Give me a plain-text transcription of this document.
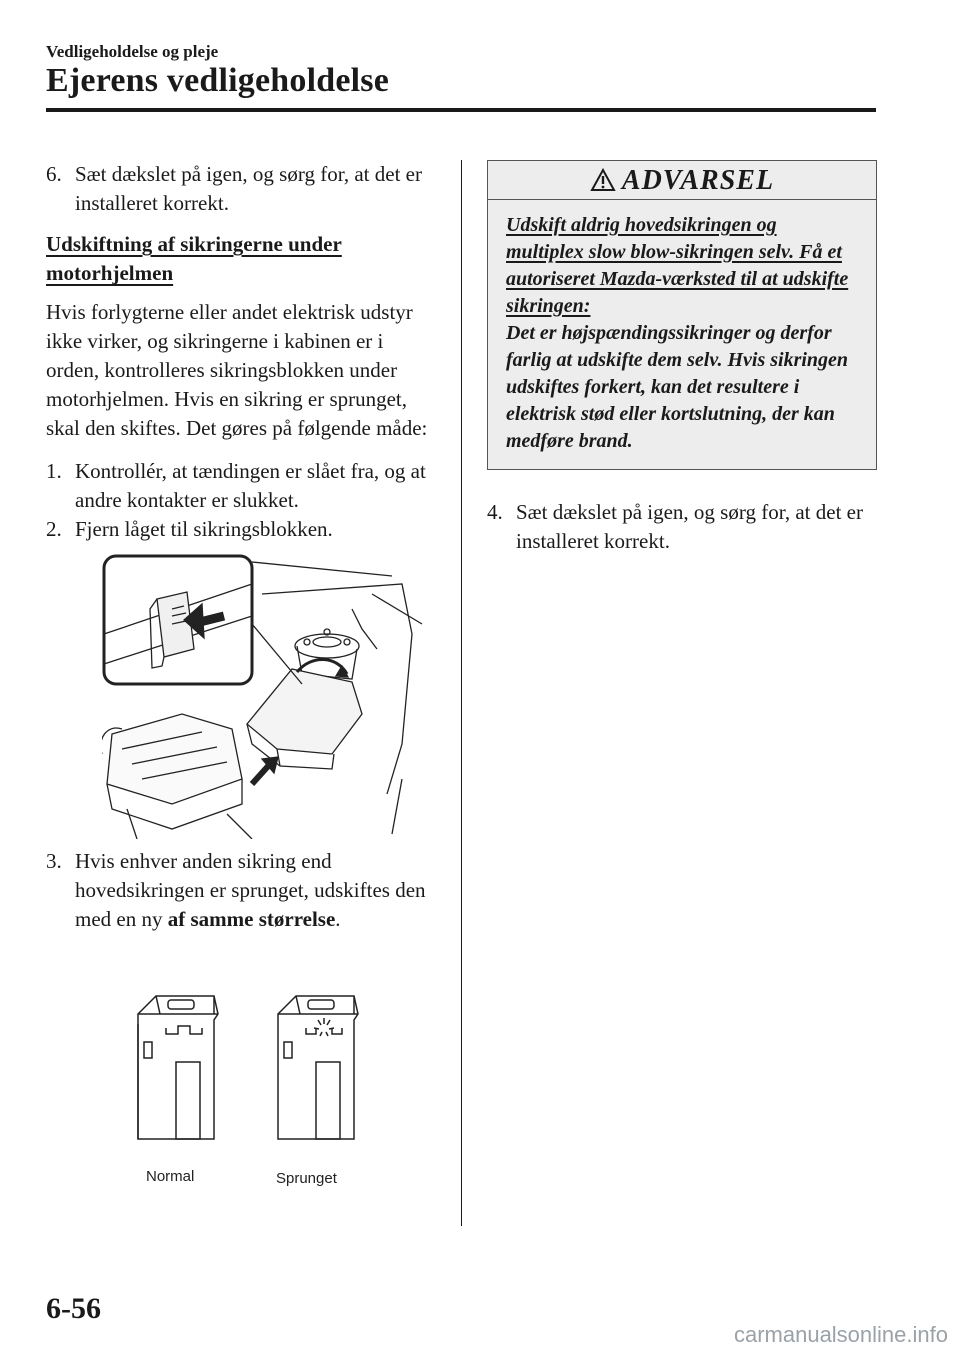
Vedligeholdelse og pleje
Ejerens vedligeholdelse
6. Sæt dækslet på igen, og sørg for, at det er installeret korrekt.
Udskiftning af sikringerne under motorhjelmen
Hvis forlygterne eller andet elektrisk udstyr ikke virker, og sikringerne i kabinen er i orden, kontrolleres sikringsblokken under motorhjelmen. Hvis en sikring er sprunget, skal den skiftes. Det gøres på følgende måde:
1. Kontrollér, at tændingen er slået fra, og at andre kontakter er slukket.
2. Fjern låget til sikringsblokken.
3. Hvis enhver anden sikring end hovedsikringen er sprunget, udskiftes den med en ny af samme størrelse.
Normal	Sprunget
ADVARSEL
Udskift aldrig hovedsikringen og multiplex slow blow-sikringen selv. Få et autoriseret Mazda-værksted til at udskifte sikringen:
Det er højspændingssikringer og derfor farlig at udskifte dem selv. Hvis sikringen udskiftes forkert, kan det resultere i elektrisk stød eller kortslutning, der kan medføre brand.
4. Sæt dækslet på igen, og sørg for, at det er installeret korrekt.
6-56
carmanualsonline.info
